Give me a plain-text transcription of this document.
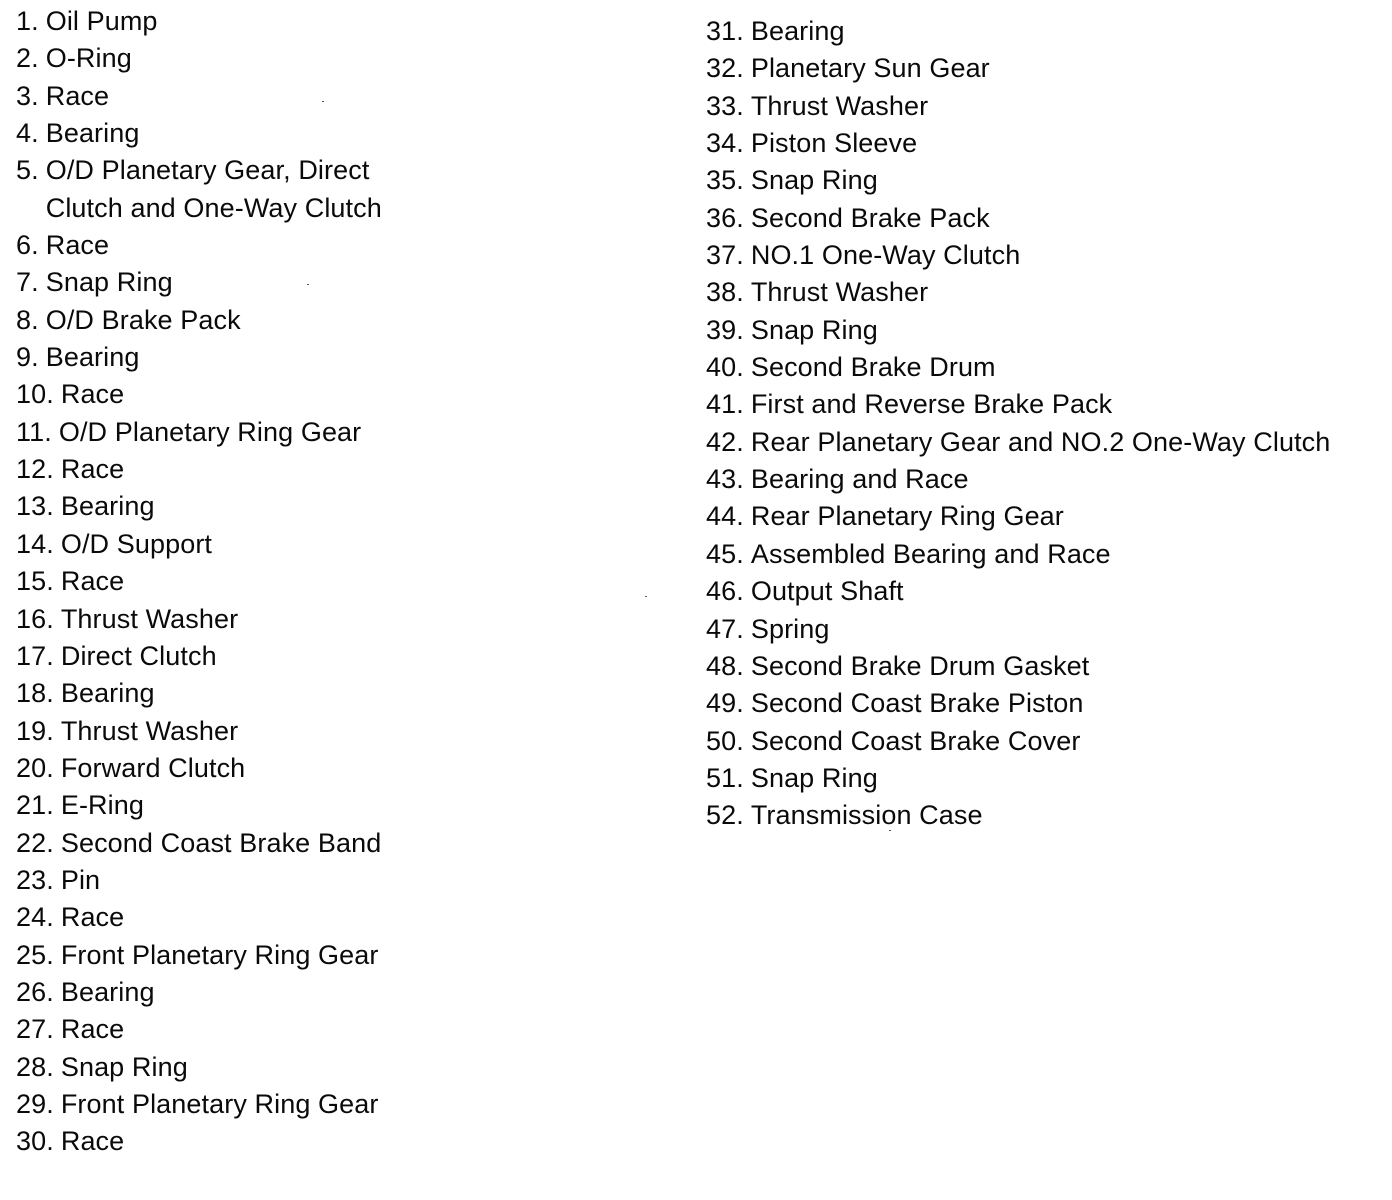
1. Oil Pump
2. O-Ring
3. Race
4. Bearing
5. O/D Planetary Gear, Direct
Clutch and One-Way Clutch
6. Race
7. Snap Ring
8. O/D Brake Pack
9. Bearing
10. Race
11. O/D Planetary Ring Gear
12. Race
13. Bearing
14. O/D Support
15. Race
16. Thrust Washer
17. Direct Clutch
18. Bearing
19. Thrust Washer
20. Forward Clutch
21. E-Ring
22. Second Coast Brake Band
23. Pin
24. Race
25. Front Planetary Ring Gear
26. Bearing
27. Race
28. Snap Ring
29. Front Planetary Ring Gear
30. Race
31. Bearing
32. Planetary Sun Gear
33. Thrust Washer
34. Piston Sleeve
35. Snap Ring
36. Second Brake Pack
37. NO.1 One-Way Clutch
38. Thrust Washer
39. Snap Ring
40. Second Brake Drum
41. First and Reverse Brake Pack
42. Rear Planetary Gear and NO.2 One-Way Clutch
43. Bearing and Race
44. Rear Planetary Ring Gear
45. Assembled Bearing and Race
46. Output Shaft
47. Spring
48. Second Brake Drum Gasket
49. Second Coast Brake Piston
50. Second Coast Brake Cover
51. Snap Ring
52. Transmission Case
